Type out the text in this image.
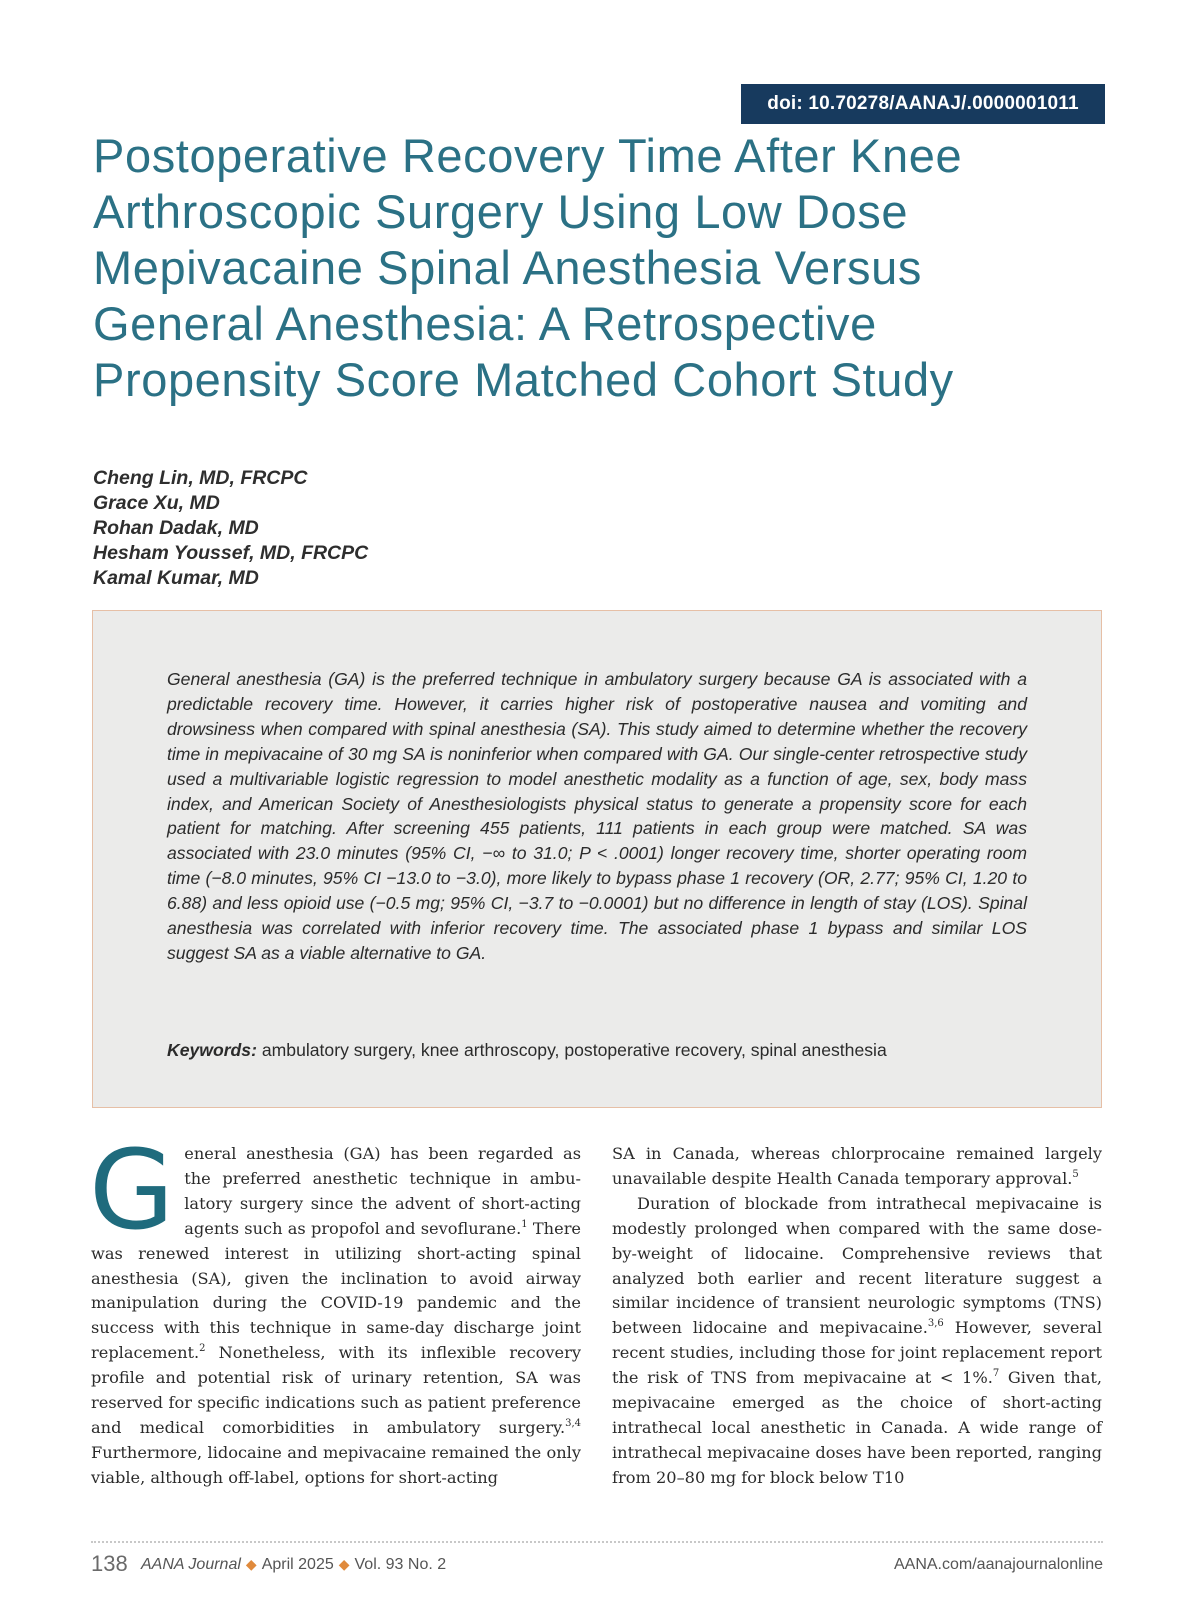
doi: 10.70278/AANAJ/.0000001011
Postoperative Recovery Time After Knee
Arthroscopic Surgery Using Low Dose
Mepivacaine Spinal Anesthesia Versus
General Anesthesia: A Retrospective
Propensity Score Matched Cohort Study
Cheng Lin, MD, FRCPC
Grace Xu, MD
Rohan Dadak, MD
Hesham Youssef, MD, FRCPC
Kamal Kumar, MD

General anesthesia (GA) is the preferred technique in ambulatory surgery because GA is associated with a predictable recovery time. However, it carries higher risk of postoperative nausea and vomiting and drowsiness when compared with spinal anesthesia (SA). This study aimed to determine whether the recovery time in mepivacaine of 30 mg SA is noninferior when compared with GA. Our single-center retrospective study used a multivariable logistic regression to model anesthetic modality as a function of age, sex, body mass index, and American Society of Anesthesiologists physical status to generate a propensity score for each patient for matching. After screening 455 patients, 111 patients in each group were matched. SA was associated with 23.0 minutes (95% CI, −∞ to 31.0; P < .0001) longer recovery time, shorter operating room time (−8.0 minutes, 95% CI −13.0 to −3.0), more likely to bypass phase 1 recovery (OR, 2.77; 95% CI, 1.20 to 6.88) and less opioid use (−0.5 mg; 95% CI, −3.7 to −0.0001) but no difference in length of stay (LOS). Spinal anesthesia was correlated with inferior recovery time. The associated phase 1 bypass and similar LOS suggest SA as a viable alternative to GA.

Keywords: ambulatory surgery, knee arthroscopy, postoperative recovery, spinal anesthesia

General anesthesia (GA) has been regarded as the preferred anesthetic technique in ambulatory surgery since the advent of short-acting agents such as propofol and sevoflurane.$^1$ There was renewed interest in utilizing short-acting spinal anesthesia (SA), given the inclination to avoid airway manipulation during the COVID-19 pandemic and the success with this technique in same-day discharge joint replacement.$^2$ Nonetheless, with its inflexible recovery profile and potential risk of urinary retention, SA was reserved for specific indications such as patient preference and medical comorbidities in ambulatory surgery.$^{3,4}$ Furthermore, lidocaine and mepivacaine remained the only viable, although off-label, options for short-acting

SA in Canada, whereas chlorprocaine remained largely unavailable despite Health Canada temporary approval.$^5$

Duration of blockade from intrathecal mepivacaine is modestly prolonged when compared with the same dose-by-weight of lidocaine. Comprehensive reviews that analyzed both earlier and recent literature suggest a similar incidence of transient neurologic symptoms (TNS) between lidocaine and mepivacaine.$^{3,6}$ However, several recent studies, including those for joint replacement report the risk of TNS from mepivacaine at < 1%.$^7$ Given that, mepivacaine emerged as the choice of short-acting intrathecal local anesthetic in Canada. A wide range of intrathecal mepivacaine doses have been reported, ranging from 20–80 mg for block below T10

138 AANA Journal ◆ April 2025 ◆ Vol. 93 No. 2	AANA.com/aanajournalonline
